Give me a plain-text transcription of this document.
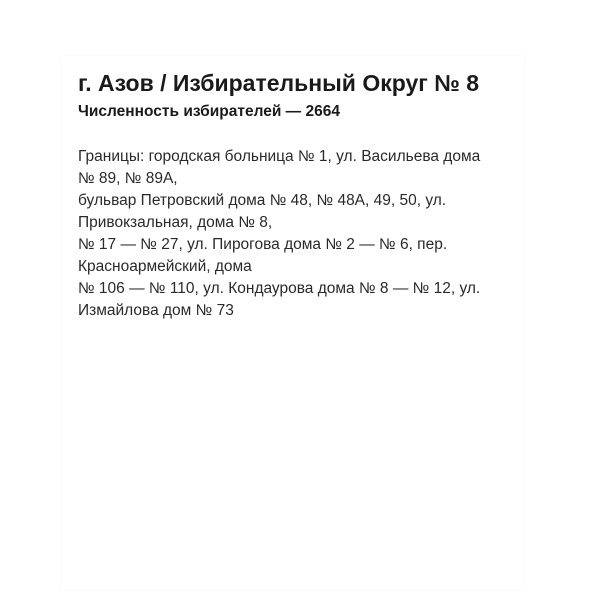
г. Азов / Избирательный Округ № 8

Численность избирателей — 2664

Границы: городская больница № 1, ул. Васильева дома
№ 89, № 89А,
бульвар Петровский дома № 48, № 48А, 49, 50, ул.
Привокзальная, дома № 8,
№ 17 — № 27, ул. Пирогова дома № 2 — № 6, пер.
Красноармейский, дома
№ 106 — № 110, ул. Кондаурова дома № 8 — № 12, ул.
Измайлова дом № 73
